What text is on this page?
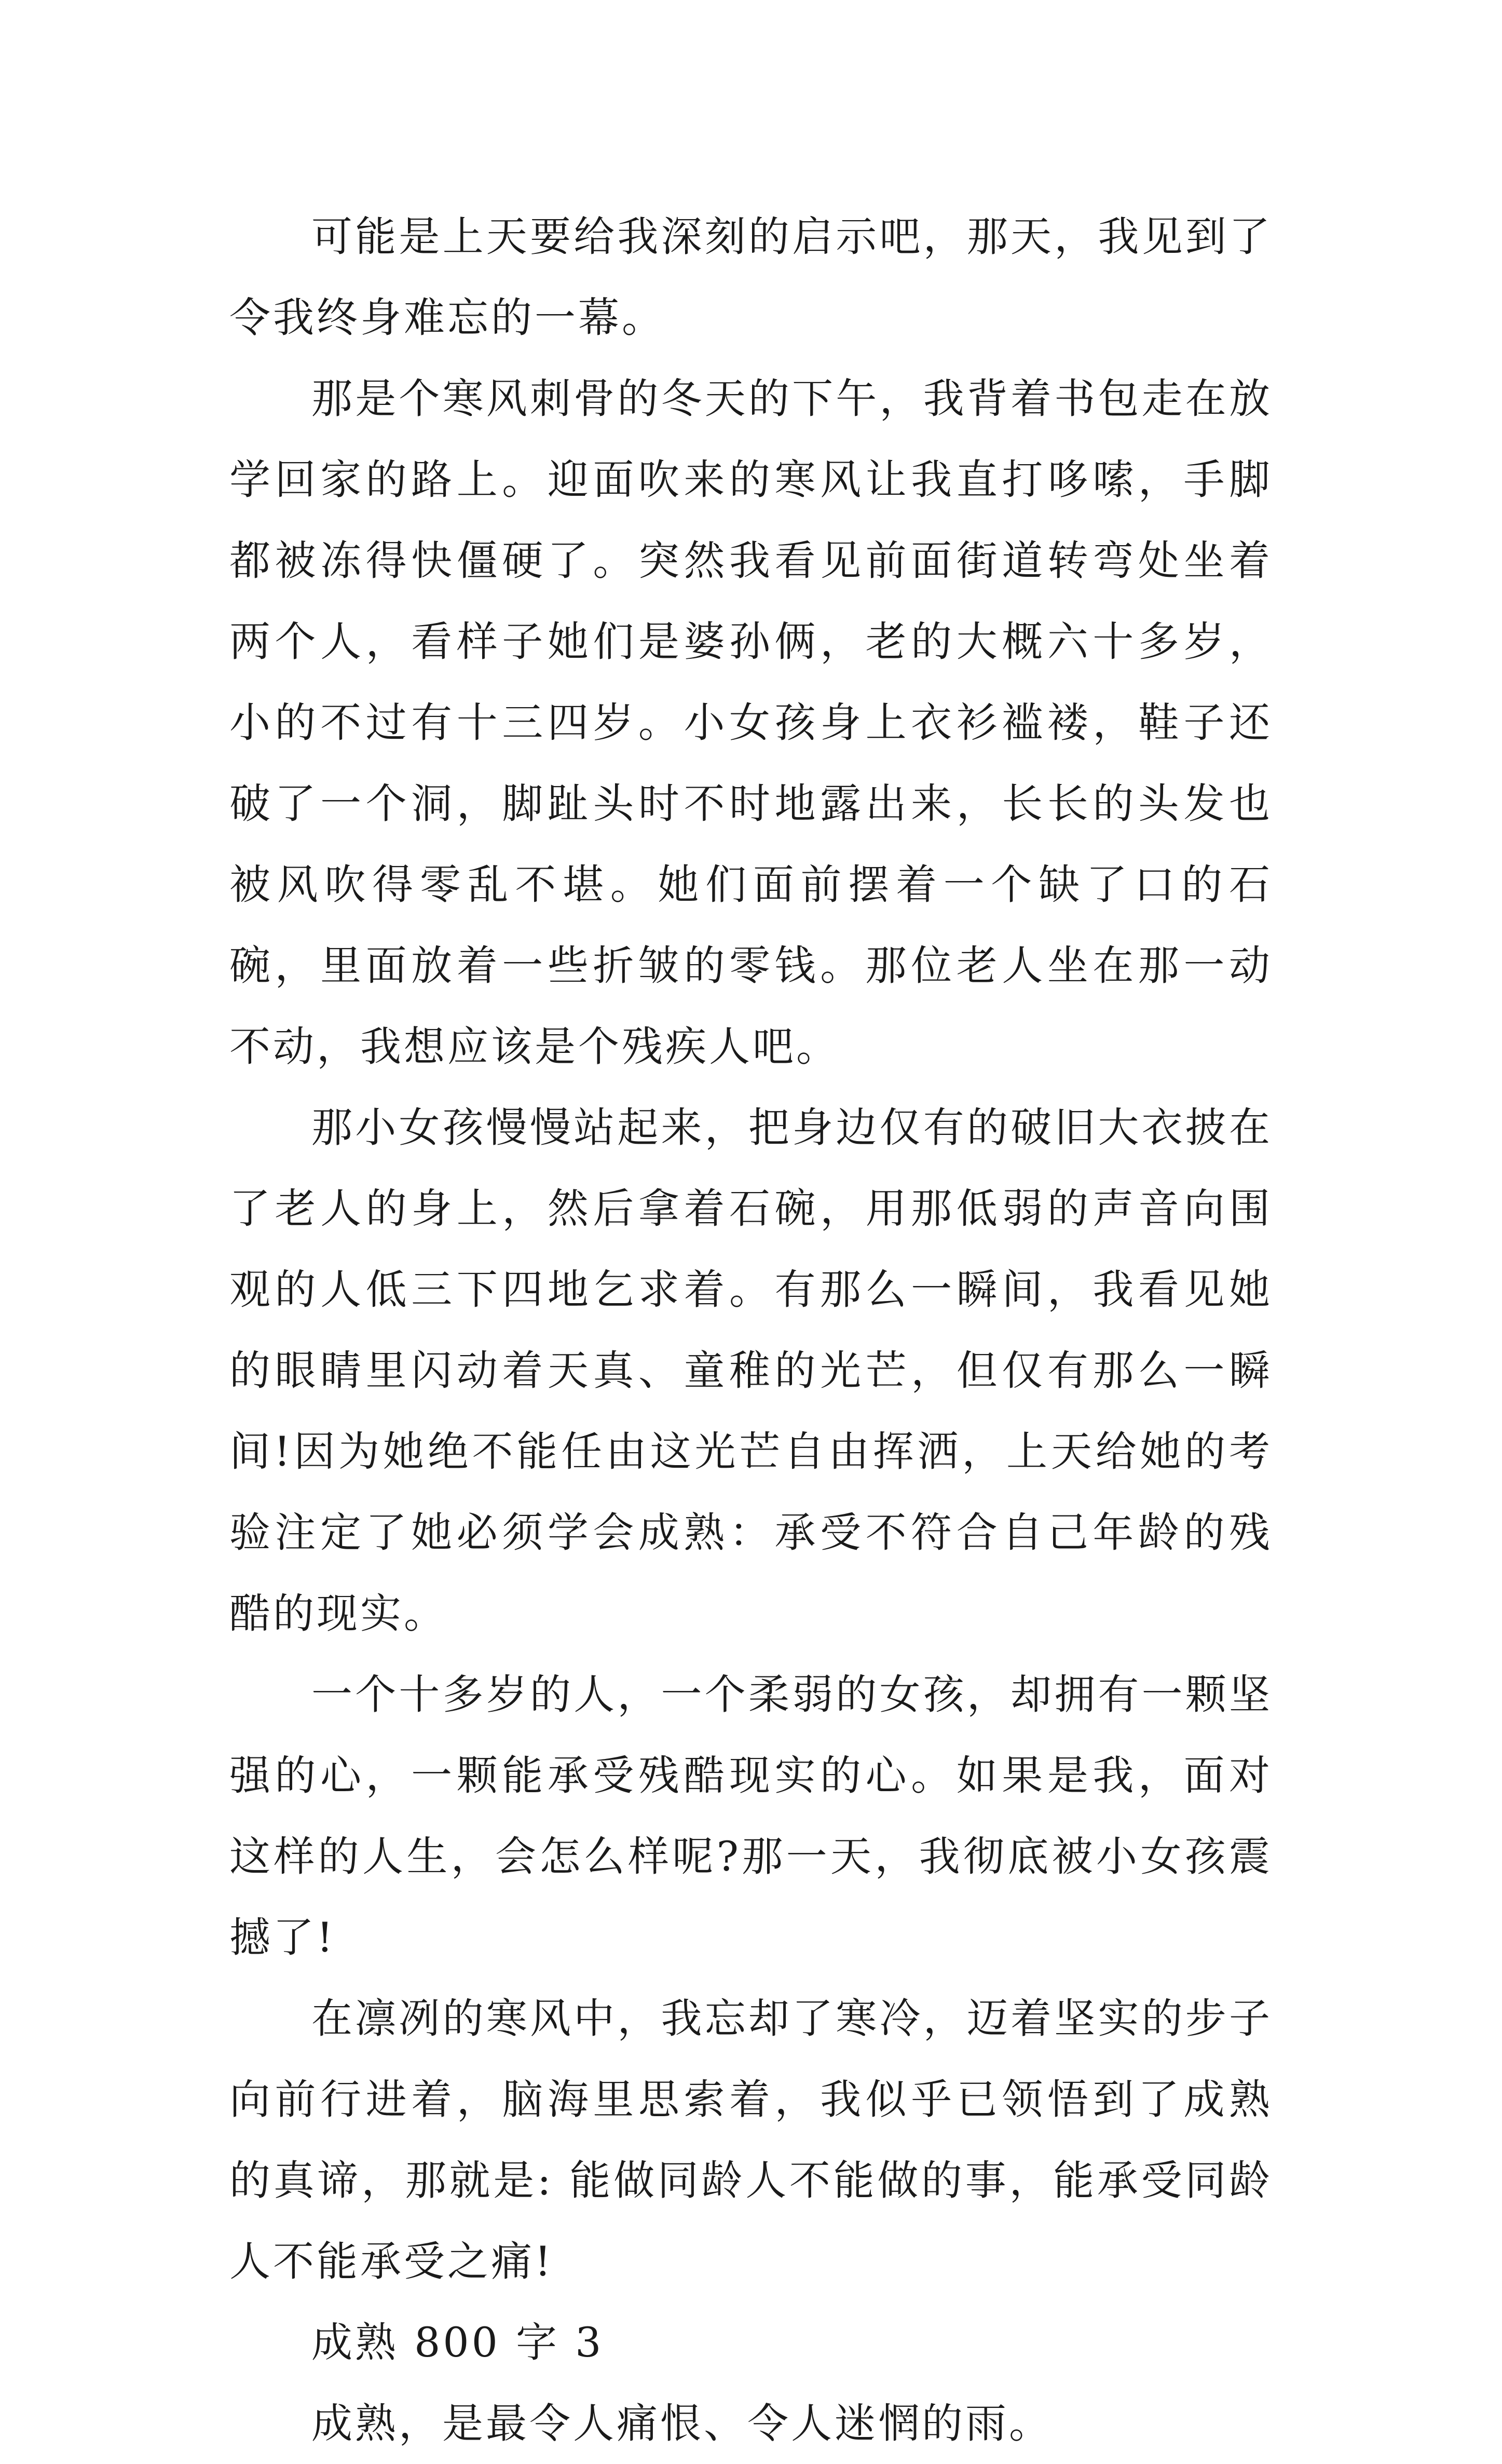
可能是上天要给我深刻的启示吧，那天，我见到了令我终身难忘的一幕。

那是个寒风刺骨的冬天的下午，我背着书包走在放学回家的路上。迎面吹来的寒风让我直打哆嗦，手脚都被冻得快僵硬了。突然我看见前面街道转弯处坐着两个人，看样子她们是婆孙俩，老的大概六十多岁，小的不过有十三四岁。小女孩身上衣衫褴褛，鞋子还破了一个洞，脚趾头时不时地露出来，长长的头发也被风吹得零乱不堪。她们面前摆着一个缺了口的石碗，里面放着一些折皱的零钱。那位老人坐在那一动不动，我想应该是个残疾人吧。

那小女孩慢慢站起来，把身边仅有的破旧大衣披在了老人的身上，然后拿着石碗，用那低弱的声音向围观的人低三下四地乞求着。有那么一瞬间，我看见她的眼睛里闪动着天真、童稚的光芒，但仅有那么一瞬间!因为她绝不能任由这光芒自由挥洒，上天给她的考验注定了她必须学会成熟：承受不符合自己年龄的残酷的现实。

一个十多岁的人，一个柔弱的女孩，却拥有一颗坚强的心，一颗能承受残酷现实的心。如果是我，面对这样的人生，会怎么样呢?那一天，我彻底被小女孩震撼了!

在凛冽的寒风中，我忘却了寒冷，迈着坚实的步子向前行进着，脑海里思索着，我似乎已领悟到了成熟的真谛，那就是: 能做同龄人不能做的事，能承受同龄人不能承受之痛!

成熟 800 字 3

成熟，是最令人痛恨、令人迷惘的雨。
